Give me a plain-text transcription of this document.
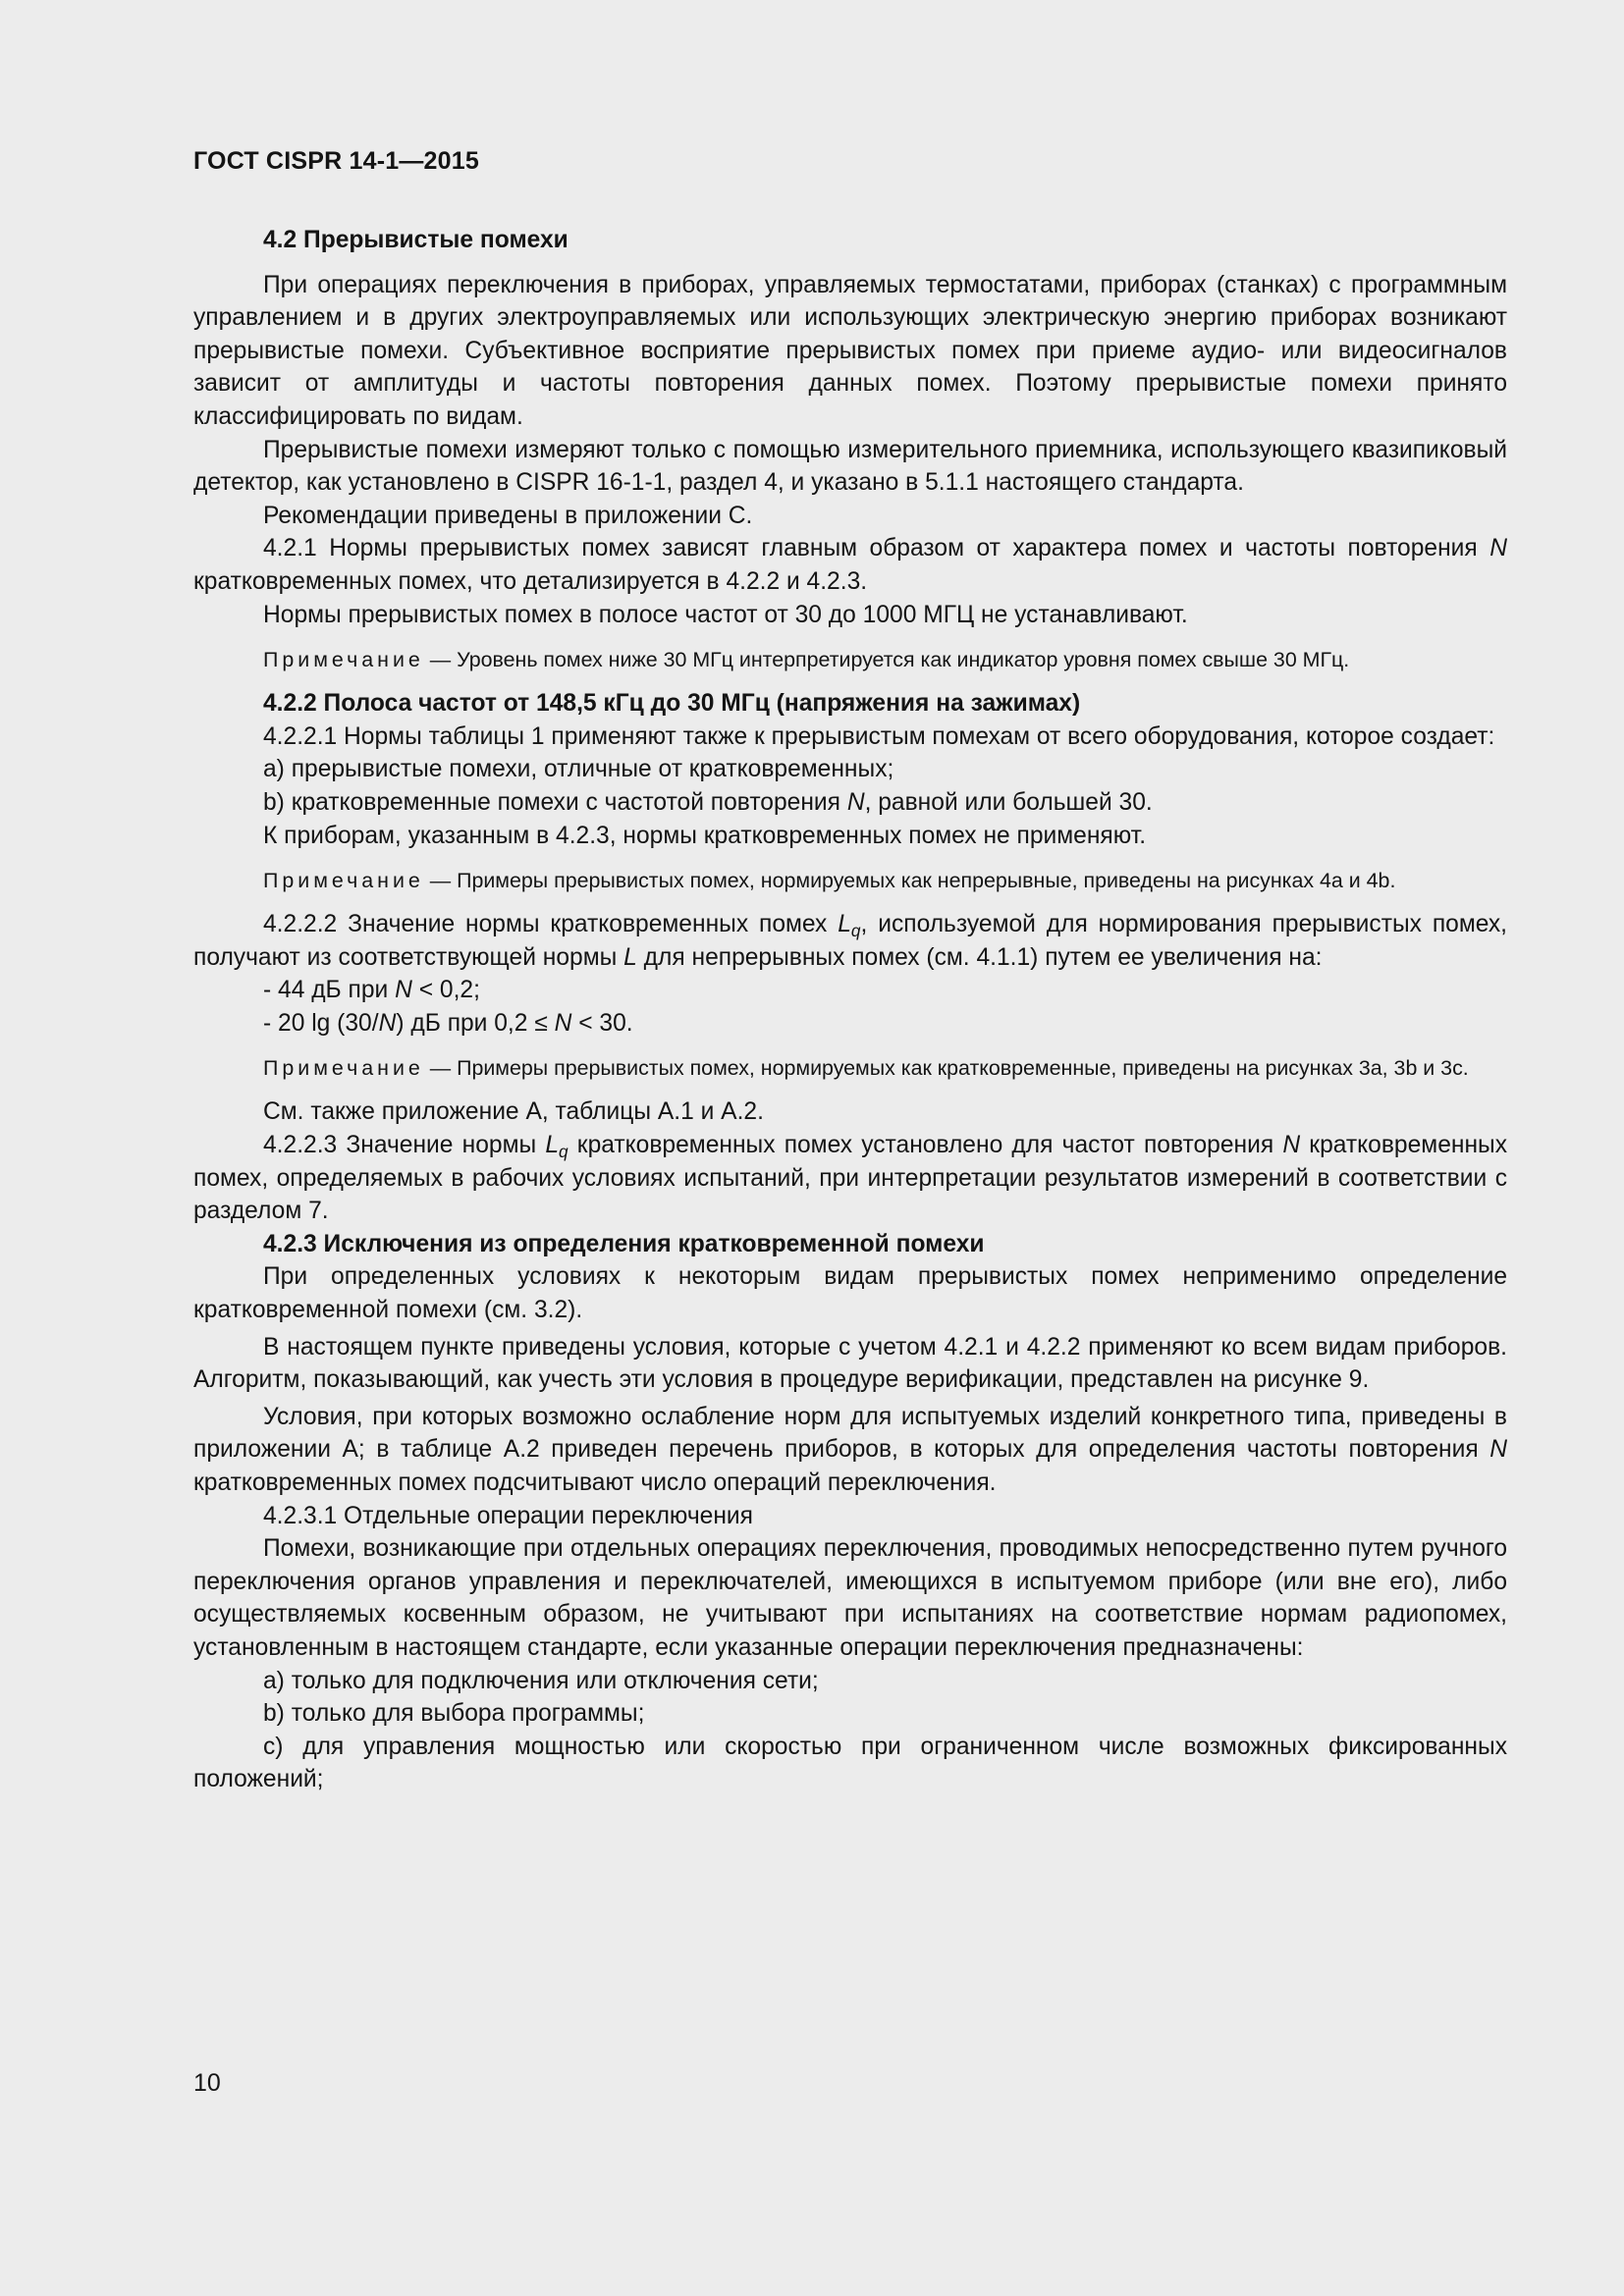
ГОСТ CISPR 14-1—2015

4.2 Прерывистые помехи

При операциях переключения в приборах, управляемых термостатами, приборах (станках) с программным управлением и в других электроуправляемых или использующих электрическую энергию приборах возникают прерывистые помехи. Субъективное восприятие прерывистых помех при приеме аудио- или видеосигналов зависит от амплитуды и частоты повторения данных помех. Поэтому прерывистые помехи принято классифицировать по видам.

Прерывистые помехи измеряют только с помощью измерительного приемника, использующего квазипиковый детектор, как установлено в CISPR 16-1-1, раздел 4, и указано в 5.1.1 настоящего стандарта.

Рекомендации приведены в приложении С.

4.2.1 Нормы прерывистых помех зависят главным образом от характера помех и частоты повторения N кратковременных помех, что детализируется в 4.2.2 и 4.2.3.

Нормы прерывистых помех в полосе частот от 30 до 1000 МГЦ не устанавливают.

Примечание — Уровень помех ниже 30 МГц интерпретируется как индикатор уровня помех свыше 30 МГц.

4.2.2 Полоса частот от 148,5 кГц до 30 МГц (напряжения на зажимах)

4.2.2.1 Нормы таблицы 1 применяют также к прерывистым помехам от всего оборудования, которое создает:

а) прерывистые помехи, отличные от кратковременных;

b) кратковременные помехи с частотой повторения N, равной или большей 30.

К приборам, указанным в 4.2.3, нормы кратковременных помех не применяют.

Примечание — Примеры прерывистых помех, нормируемых как непрерывные, приведены на рисунках 4a и 4b.

4.2.2.2 Значение нормы кратковременных помех $L_q$, используемой для нормирования прерывистых помех, получают из соответствующей нормы L для непрерывных помех (см. 4.1.1) путем ее увеличения на:

- 44 дБ при N < 0,2;

- 20 lg (30/N) дБ при 0,2 ≤ N < 30.

Примечание — Примеры прерывистых помех, нормируемых как кратковременные, приведены на рисунках 3a, 3b и 3c.

См. также приложение А, таблицы А.1 и А.2.

4.2.2.3 Значение нормы $L_q$ кратковременных помех установлено для частот повторения N кратковременных помех, определяемых в рабочих условиях испытаний, при интерпретации результатов измерений в соответствии с разделом 7.

4.2.3 Исключения из определения кратковременной помехи

При определенных условиях к некоторым видам прерывистых помех неприменимо определение кратковременной помехи (см. 3.2).

В настоящем пункте приведены условия, которые с учетом 4.2.1 и 4.2.2 применяют ко всем видам приборов. Алгоритм, показывающий, как учесть эти условия в процедуре верификации, представлен на рисунке 9.

Условия, при которых возможно ослабление норм для испытуемых изделий конкретного типа, приведены в приложении А; в таблице А.2 приведен перечень приборов, в которых для определения частоты повторения N кратковременных помех подсчитывают число операций переключения.

4.2.3.1 Отдельные операции переключения

Помехи, возникающие при отдельных операциях переключения, проводимых непосредственно путем ручного переключения органов управления и переключателей, имеющихся в испытуемом приборе (или вне его), либо осуществляемых косвенным образом, не учитывают при испытаниях на соответствие нормам радиопомех, установленным в настоящем стандарте, если указанные операции переключения предназначены:

а) только для подключения или отключения сети;

b) только для выбора программы;

с) для управления мощностью или скоростью при ограниченном числе возможных фиксированных положений;

10
